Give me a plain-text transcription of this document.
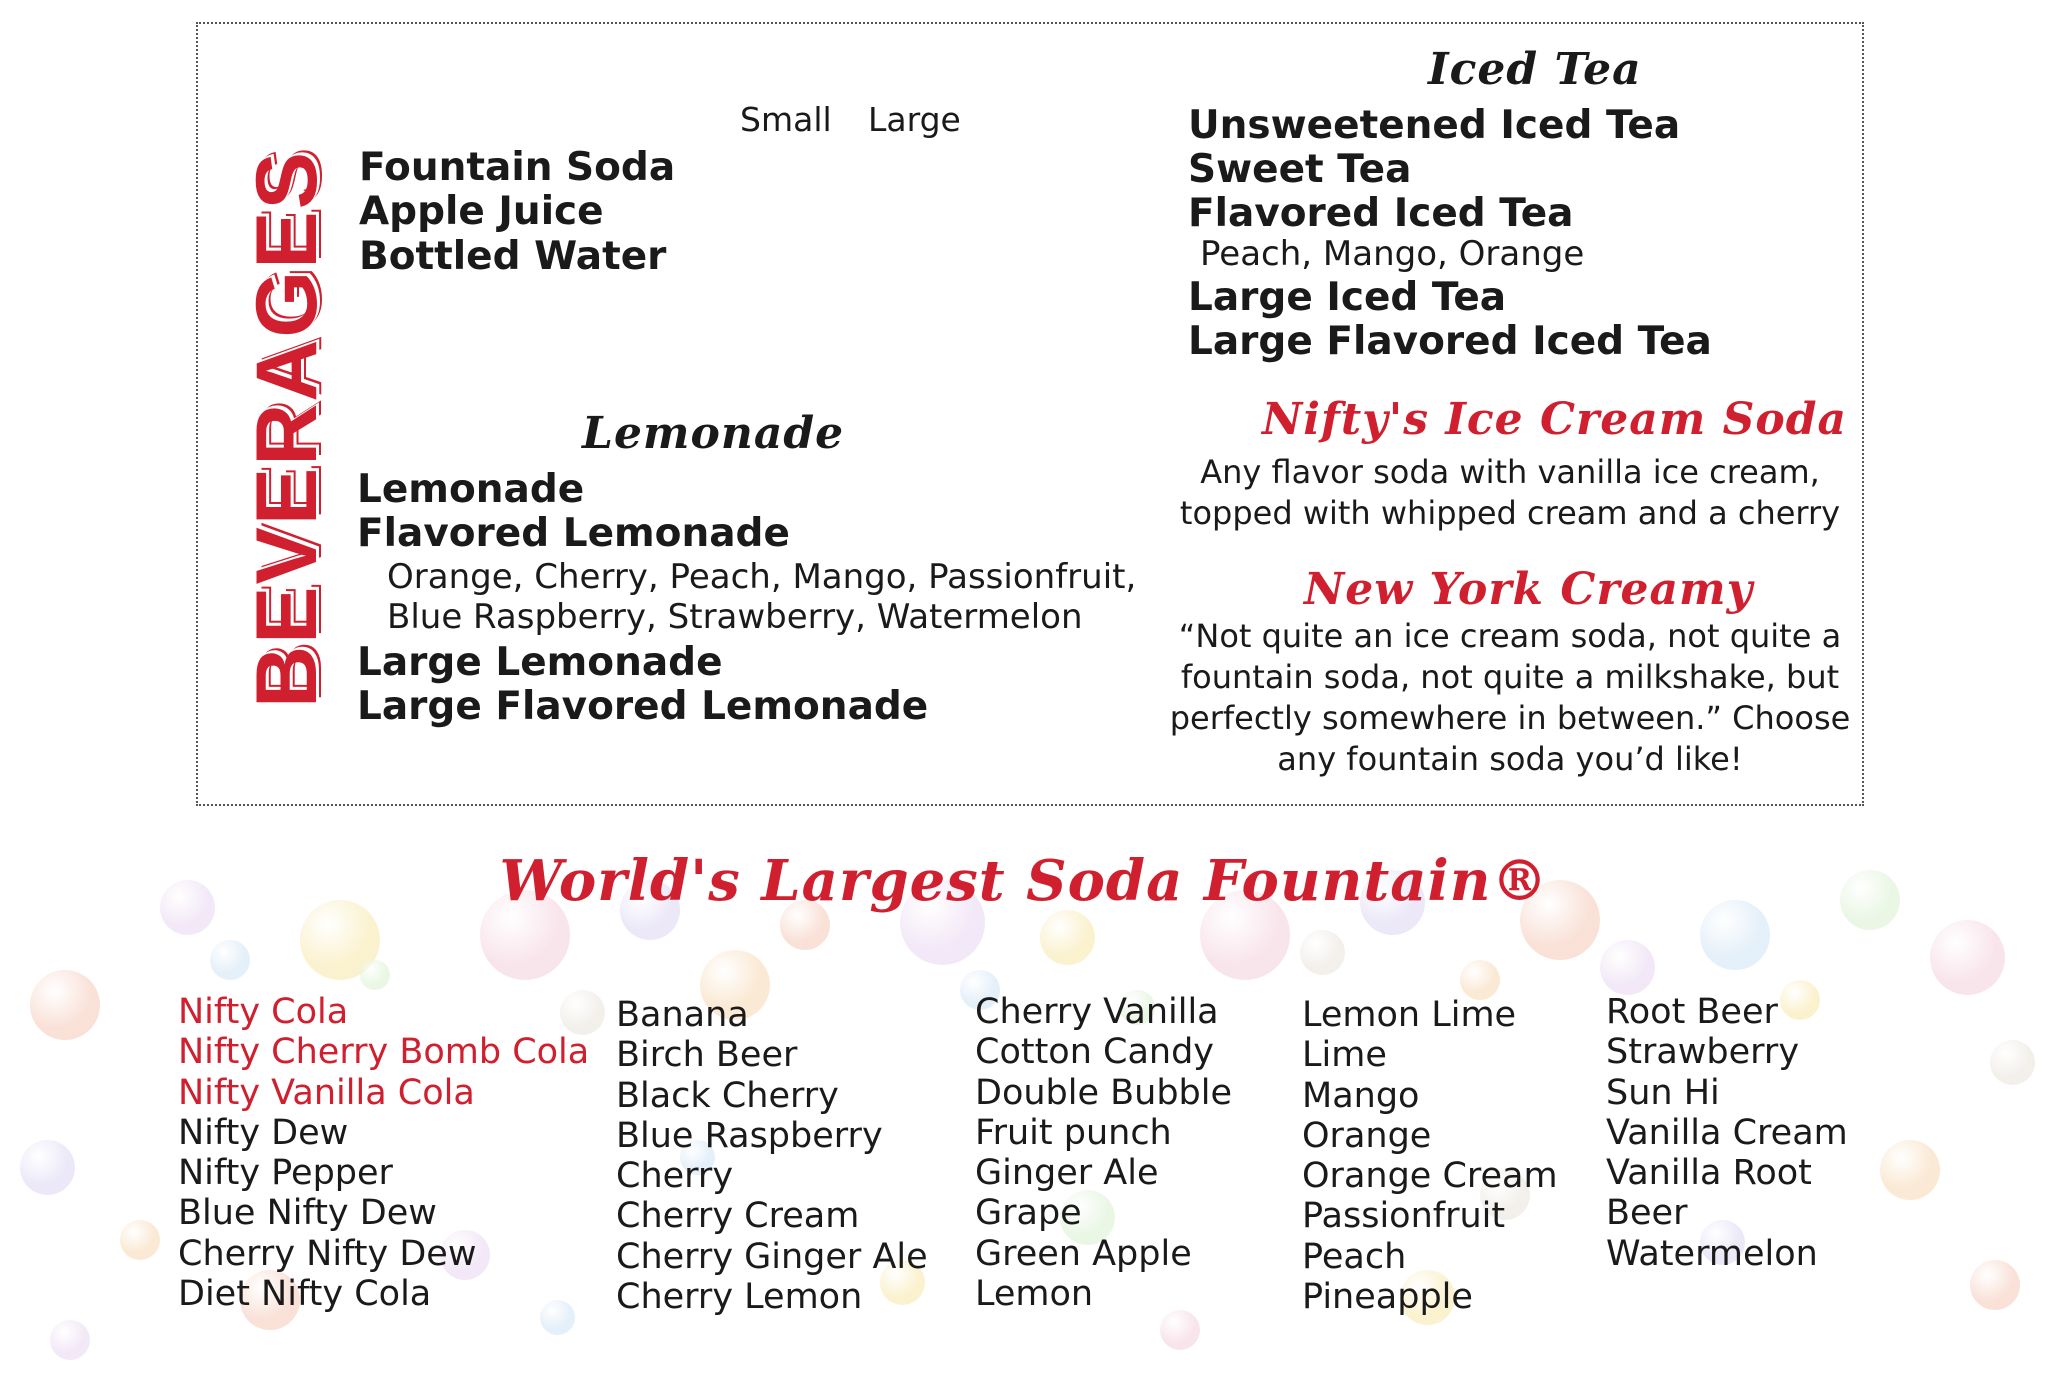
BEVERAGES
Small Large
Fountain Soda
Apple Juice
Bottled Water
Lemonade
Lemonade
Flavored Lemonade
Orange, Cherry, Peach, Mango, Passionfruit,
Blue Raspberry, Strawberry, Watermelon
Large Lemonade
Large Flavored Lemonade
Iced Tea
Unsweetened Iced Tea
Sweet Tea
Flavored Iced Tea
Peach, Mango, Orange
Large Iced Tea
Large Flavored Iced Tea
Nifty's Ice Cream Soda
Any flavor soda with vanilla ice cream,
topped with whipped cream and a cherry
New York Creamy
“Not quite an ice cream soda, not quite a
fountain soda, not quite a milkshake, but
perfectly somewhere in between.” Choose
any fountain soda you’d like!
World's Largest Soda Fountain®
Nifty Cola
Nifty Cherry Bomb Cola
Nifty Vanilla Cola
Nifty Dew
Nifty Pepper
Blue Nifty Dew
Cherry Nifty Dew
Diet Nifty Cola
Banana
Birch Beer
Black Cherry
Blue Raspberry
Cherry
Cherry Cream
Cherry Ginger Ale
Cherry Lemon
Cherry Vanilla
Cotton Candy
Double Bubble
Fruit punch
Ginger Ale
Grape
Green Apple
Lemon
Lemon Lime
Lime
Mango
Orange
Orange Cream
Passionfruit
Peach
Pineapple
Root Beer
Strawberry
Sun Hi
Vanilla Cream
Vanilla Root
Beer
Watermelon
